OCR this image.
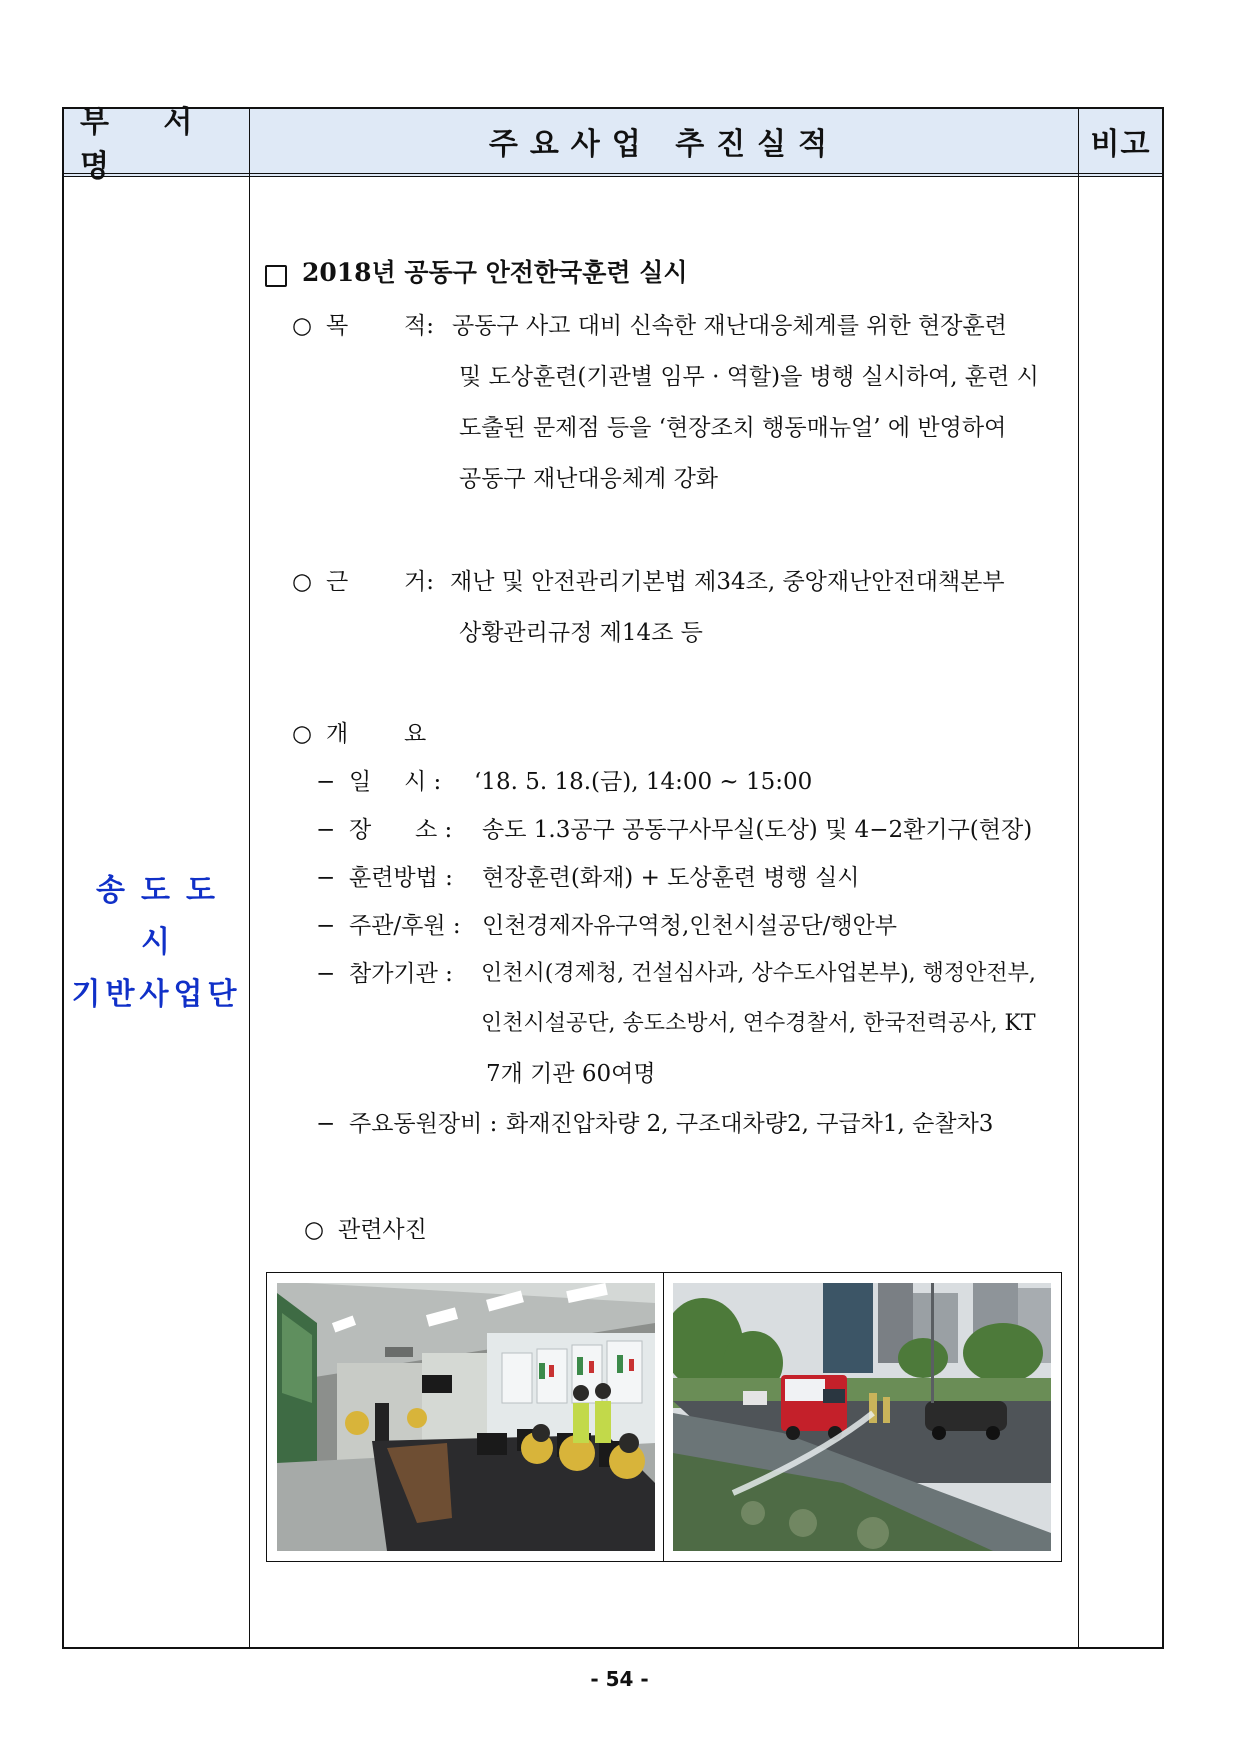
부 서 명
주요사업 추진실적	비고
송도도시
기반사업단
2018년 공동구 안전한국훈련 실시
○ 목 적: 공동구 사고 대비 신속한 재난대응체계를 위한 현장훈련
및 도상훈련(기관별 임무 · 역할)을 병행 실시하여, 훈련 시
도출된 문제점 등을 ‘현장조치 행동매뉴얼’ 에 반영하여
공동구 재난대응체계 강화
○ 근 거: 재난 및 안전관리기본법 제34조, 중앙재난안전대책본부
상황관리규정 제14조 등
○ 개 요
− 일 시 : ‘18. 5. 18.(금), 14:00 ~ 15:00
− 장 소 : 송도 1.3공구 공동구사무실(도상) 및 4−2환기구(현장)
− 훈련방법 : 현장훈련(화재) + 도상훈련 병행 실시
− 주관/후원 : 인천경제자유구역청,인천시설공단/행안부
− 참가기관 : 인천시(경제청, 건설심사과, 상수도사업본부), 행정안전부,
인천시설공단, 송도소방서, 연수경찰서, 한국전력공사, KT
7개 기관 60여명
− 주요동원장비 : 화재진압차량 2, 구조대차량2, 구급차1, 순찰차3
○ 관련사진
- 54 -
